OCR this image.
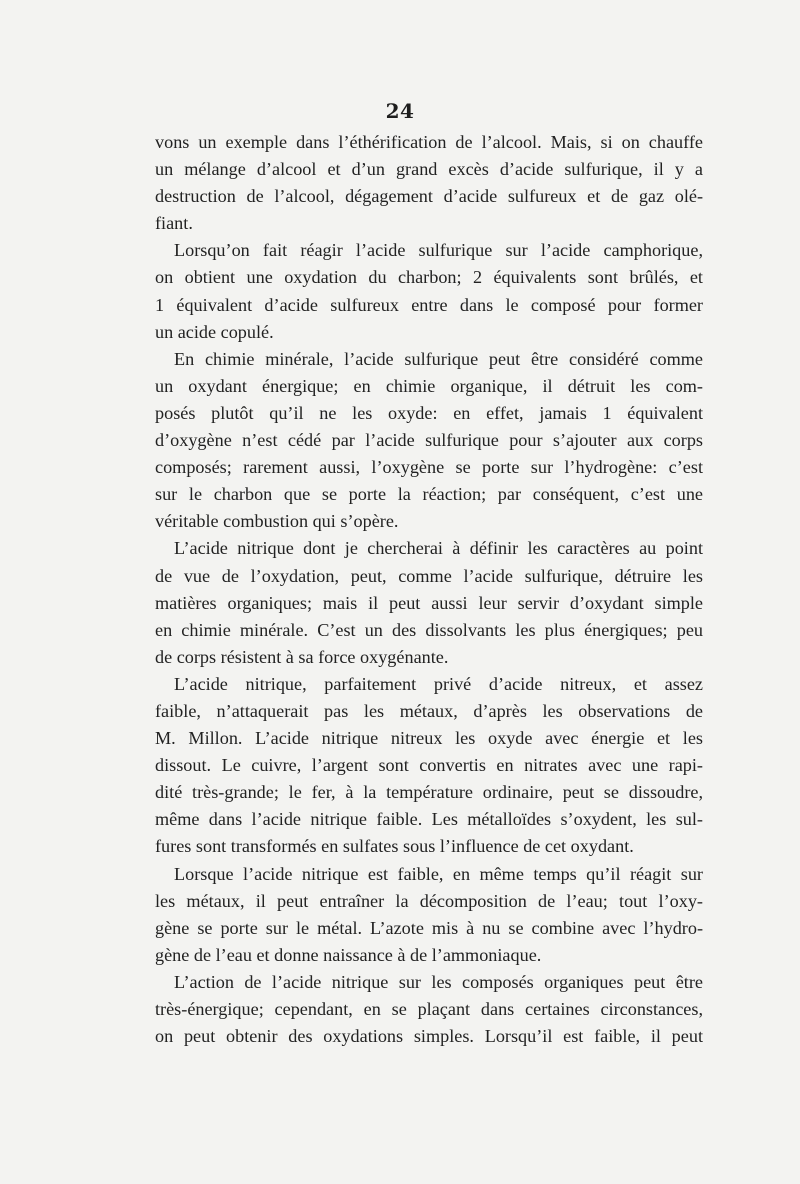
24
vons un exemple dans l’éthérification de l’alcool. Mais, si on chauffe
un mélange d’alcool et d’un grand excès d’acide sulfurique, il y a
destruction de l’alcool, dégagement d’acide sulfureux et de gaz olé-
fiant.
Lorsqu’on fait réagir l’acide sulfurique sur l’acide camphorique,
on obtient une oxydation du charbon; 2 équivalents sont brûlés, et
1 équivalent d’acide sulfureux entre dans le composé pour former
un acide copulé.
En chimie minérale, l’acide sulfurique peut être considéré comme
un oxydant énergique; en chimie organique, il détruit les com-
posés plutôt qu’il ne les oxyde: en effet, jamais 1 équivalent
d’oxygène n’est cédé par l’acide sulfurique pour s’ajouter aux corps
composés; rarement aussi, l’oxygène se porte sur l’hydrogène: c’est
sur le charbon que se porte la réaction; par conséquent, c’est une
véritable combustion qui s’opère.
L’acide nitrique dont je chercherai à définir les caractères au point
de vue de l’oxydation, peut, comme l’acide sulfurique, détruire les
matières organiques; mais il peut aussi leur servir d’oxydant simple
en chimie minérale. C’est un des dissolvants les plus énergiques; peu
de corps résistent à sa force oxygénante.
L’acide nitrique, parfaitement privé d’acide nitreux, et assez
faible, n’attaquerait pas les métaux, d’après les observations de
M. Millon. L’acide nitrique nitreux les oxyde avec énergie et les
dissout. Le cuivre, l’argent sont convertis en nitrates avec une rapi-
dité très-grande; le fer, à la température ordinaire, peut se dissoudre,
même dans l’acide nitrique faible. Les métalloïdes s’oxydent, les sul-
fures sont transformés en sulfates sous l’influence de cet oxydant.
Lorsque l’acide nitrique est faible, en même temps qu’il réagit sur
les métaux, il peut entraîner la décomposition de l’eau; tout l’oxy-
gène se porte sur le métal. L’azote mis à nu se combine avec l’hydro-
gène de l’eau et donne naissance à de l’ammoniaque.
L’action de l’acide nitrique sur les composés organiques peut être
très-énergique; cependant, en se plaçant dans certaines circonstances,
on peut obtenir des oxydations simples. Lorsqu’il est faible, il peut
